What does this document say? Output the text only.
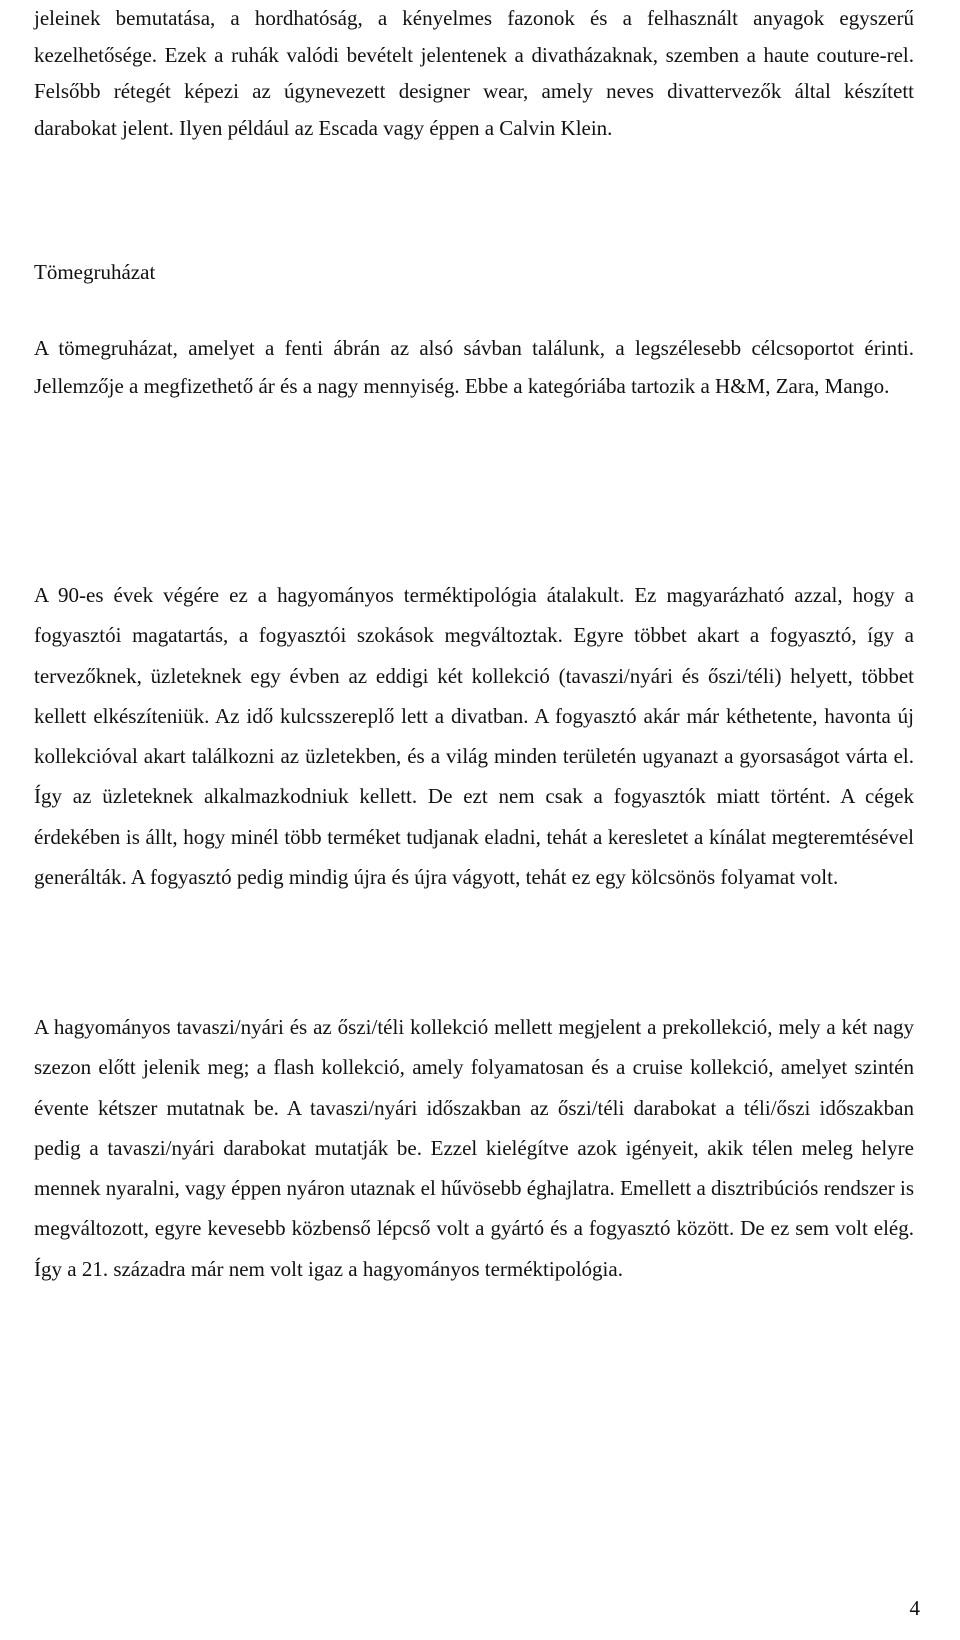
jeleinek bemutatása, a hordhatóság, a kényelmes fazonok és a felhasznált anyagok egyszerű kezelhetősége. Ezek a ruhák valódi bevételt jelentenek a divatházaknak, szemben a haute couture-rel. Felsőbb rétegét képezi az úgynevezett designer wear, amely neves divattervezők által készített darabokat jelent. Ilyen például az Escada vagy éppen a Calvin Klein.

Tömegruházat

A tömegruházat, amelyet a fenti ábrán az alsó sávban találunk, a legszélesebb célcsoportot érinti. Jellemzője a megfizethető ár és a nagy mennyiség. Ebbe a kategóriába tartozik a H&M, Zara, Mango.

A 90-es évek végére ez a hagyományos terméktipológia átalakult. Ez magyarázható azzal, hogy a fogyasztói magatartás, a fogyasztói szokások megváltoztak. Egyre többet akart a fogyasztó, így a tervezőknek, üzleteknek egy évben az eddigi két kollekció (tavaszi/nyári és őszi/téli) helyett, többet kellett elkészíteniük. Az idő kulcsszereplő lett a divatban. A fogyasztó akár már kéthetente, havonta új kollekcióval akart találkozni az üzletekben, és a világ minden területén ugyanazt a gyorsaságot várta el. Így az üzleteknek alkalmazkodniuk kellett. De ezt nem csak a fogyasztók miatt történt. A cégek érdekében is állt, hogy minél több terméket tudjanak eladni, tehát a keresletet a kínálat megteremtésével generálták. A fogyasztó pedig mindig újra és újra vágyott, tehát ez egy kölcsönös folyamat volt.

A hagyományos tavaszi/nyári és az őszi/téli kollekció mellett megjelent a prekollekció, mely a két nagy szezon előtt jelenik meg; a flash kollekció, amely folyamatosan és a cruise kollekció, amelyet szintén évente kétszer mutatnak be. A tavaszi/nyári időszakban az őszi/téli darabokat a téli/őszi időszakban pedig a tavaszi/nyári darabokat mutatják be. Ezzel kielégítve azok igényeit, akik télen meleg helyre mennek nyaralni, vagy éppen nyáron utaznak el hűvösebb éghajlatra. Emellett a disztribúciós rendszer is megváltozott, egyre kevesebb közbenső lépcső volt a gyártó és a fogyasztó között. De ez sem volt elég. Így a 21. századra már nem volt igaz a hagyományos terméktipológia.

4
